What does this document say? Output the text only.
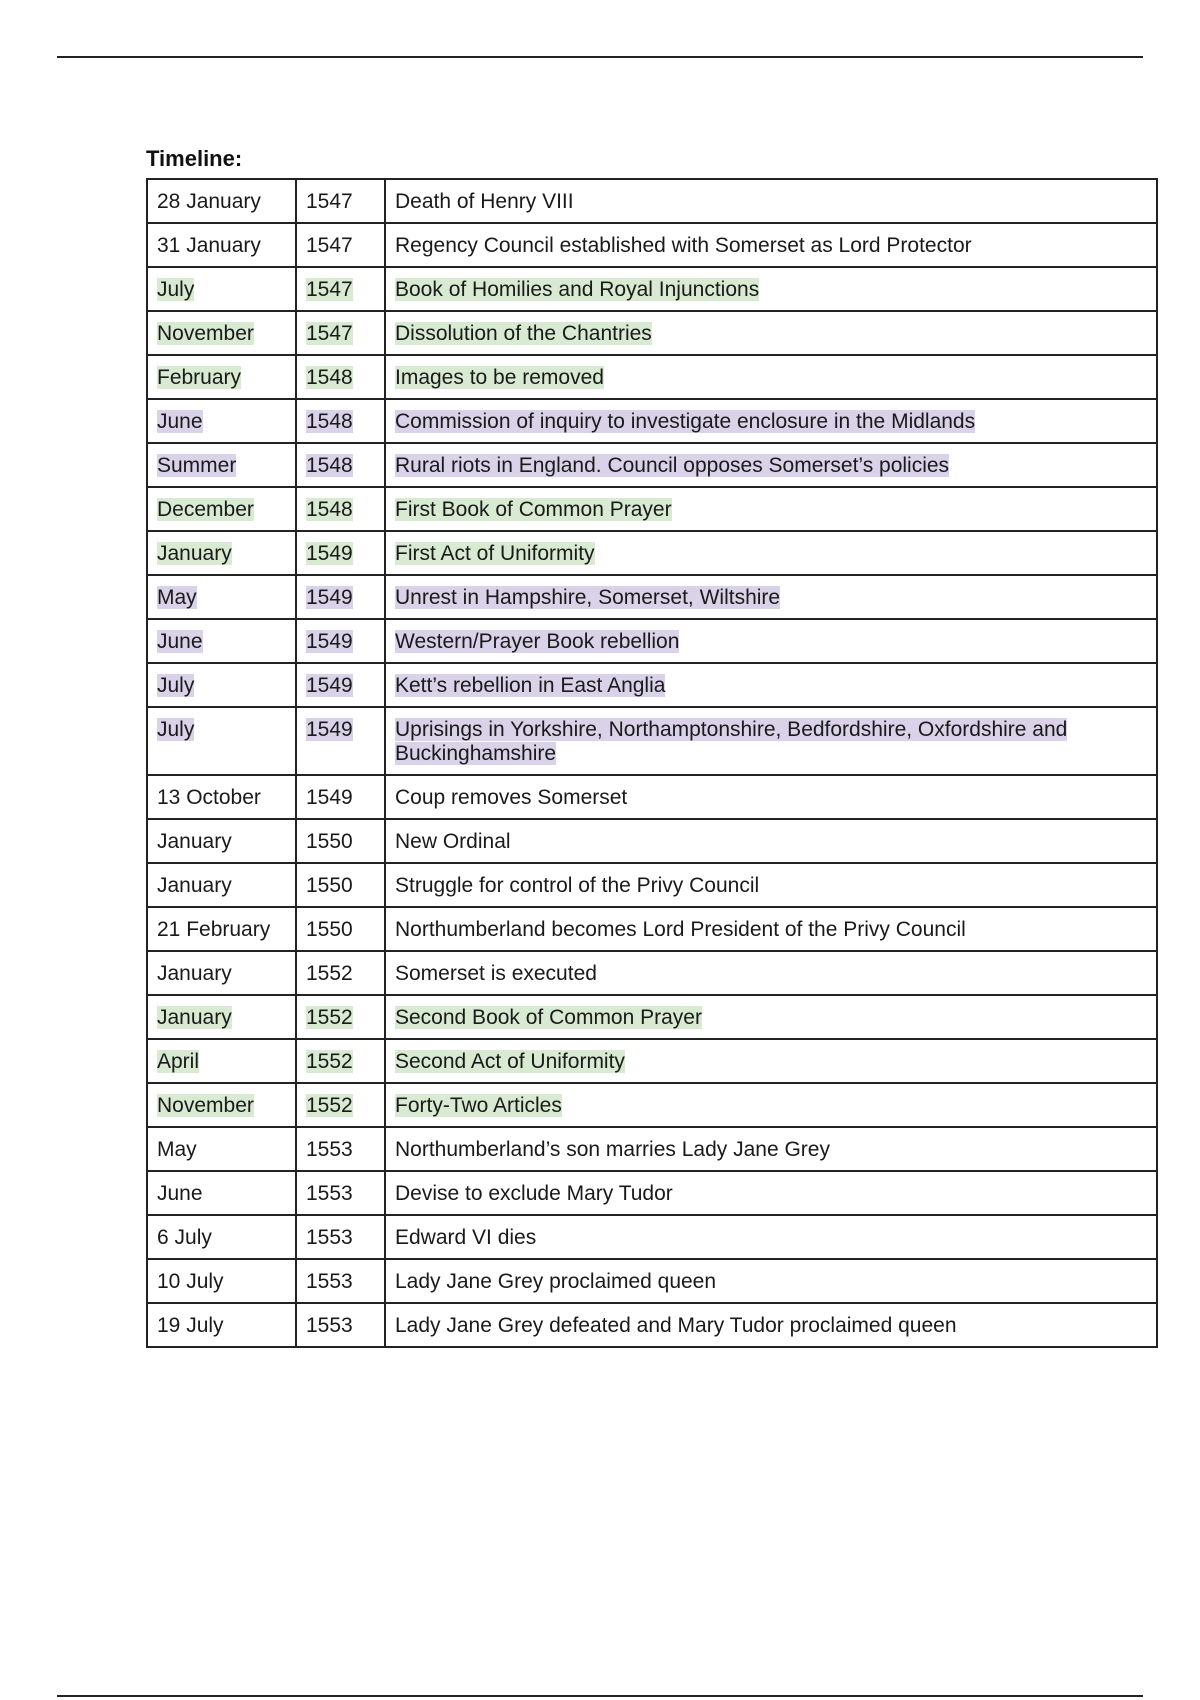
Timeline:
28 January	1547	Death of Henry VIII
31 January	1547	Regency Council established with Somerset as Lord Protector
July	1547	Book of Homilies and Royal Injunctions
November	1547	Dissolution of the Chantries
February	1548	Images to be removed
June	1548	Commission of inquiry to investigate enclosure in the Midlands
Summer	1548	Rural riots in England. Council opposes Somerset’s policies
December	1548	First Book of Common Prayer
January	1549	First Act of Uniformity
May	1549	Unrest in Hampshire, Somerset, Wiltshire
June	1549	Western/Prayer Book rebellion
July	1549	Kett’s rebellion in East Anglia
July	1549	Uprisings in Yorkshire, Northamptonshire, Bedfordshire, Oxfordshire and Buckinghamshire
13 October	1549	Coup removes Somerset
January	1550	New Ordinal
January	1550	Struggle for control of the Privy Council
21 February	1550	Northumberland becomes Lord President of the Privy Council
January	1552	Somerset is executed
January	1552	Second Book of Common Prayer
April	1552	Second Act of Uniformity
November	1552	Forty-Two Articles
May	1553	Northumberland’s son marries Lady Jane Grey
June	1553	Devise to exclude Mary Tudor
6 July	1553	Edward VI dies
10 July	1553	Lady Jane Grey proclaimed queen
19 July	1553	Lady Jane Grey defeated and Mary Tudor proclaimed queen
